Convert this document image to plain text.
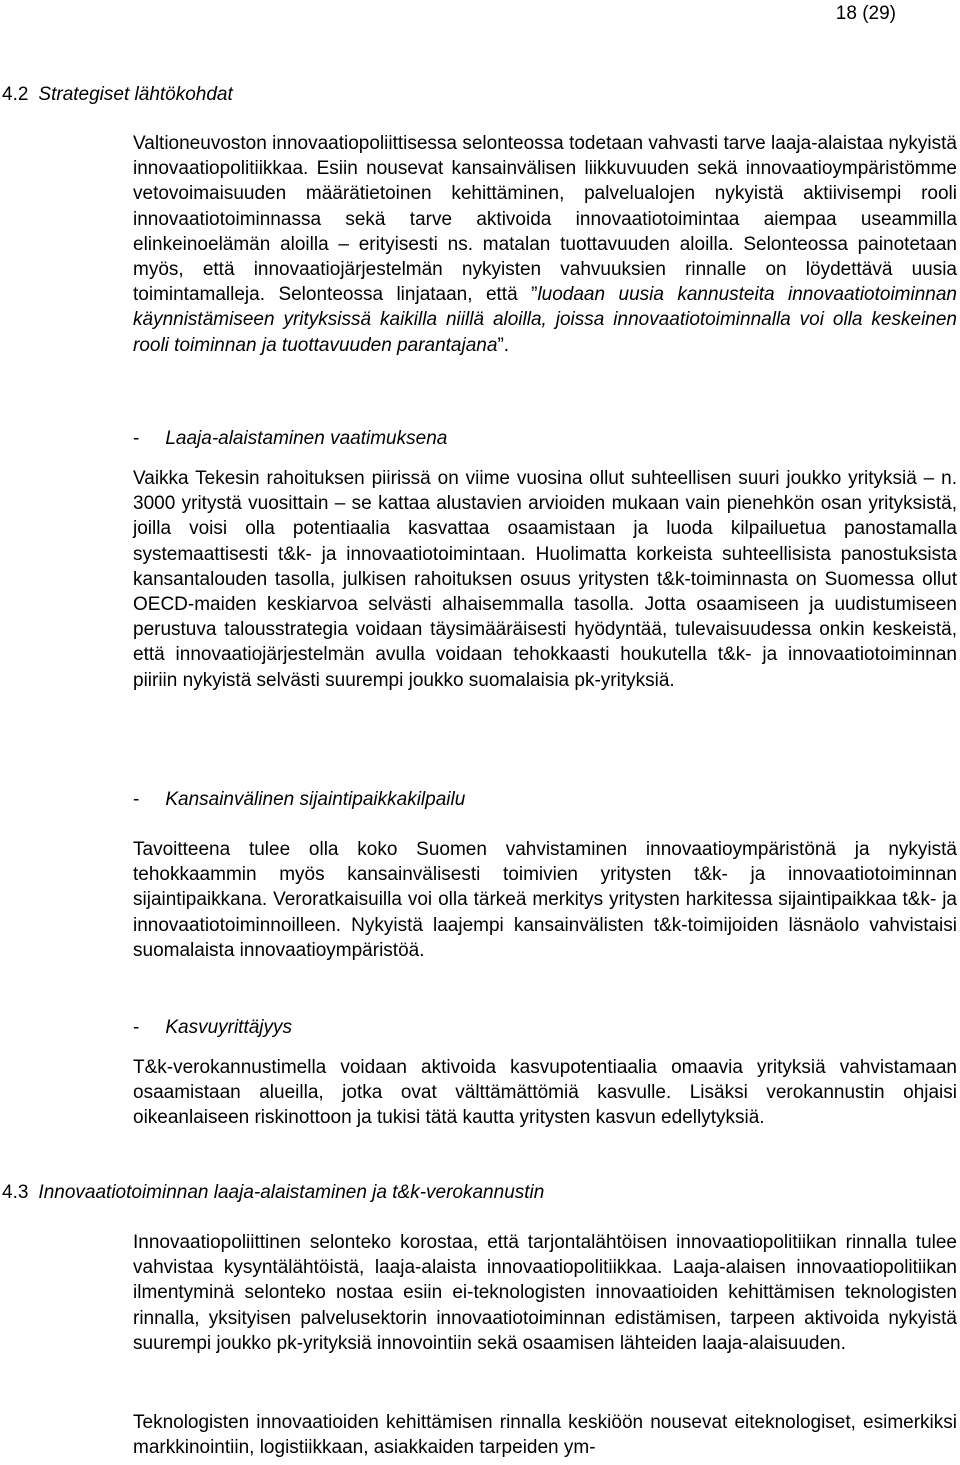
18 (29)
4.2 Strategiset lähtökohdat
Valtioneuvoston innovaatiopoliittisessa selonteossa todetaan vahvasti tarve laaja-alaistaa nykyistä innovaatiopolitiikkaa. Esiin nousevat kansainvälisen liikkuvuuden sekä innovaatioympäristömme vetovoimaisuuden määrätietoinen kehittäminen, palvelualojen nykyistä aktiivisempi rooli innovaatiotoiminnassa sekä tarve aktivoida innovaatiotoimintaa aiempaa useammilla elinkeinoelämän aloilla – erityisesti ns. matalan tuottavuuden aloilla. Selonteossa painotetaan myös, että innovaatiojärjestelmän nykyisten vahvuuksien rinnalle on löydettävä uusia toimintamalleja. Selonteossa linjataan, että ”luodaan uusia kannusteita innovaatiotoiminnan käynnistämiseen yrityksissä kaikilla niillä aloilla, joissa innovaatiotoiminnalla voi olla keskeinen rooli toiminnan ja tuottavuuden parantajana”.
- Laaja-alaistaminen vaatimuksena
Vaikka Tekesin rahoituksen piirissä on viime vuosina ollut suhteellisen suuri joukko yrityksiä – n. 3000 yritystä vuosittain – se kattaa alustavien arvioiden mukaan vain pienehkön osan yrityksistä, joilla voisi olla potentiaalia kasvattaa osaamistaan ja luoda kilpailuetua panostamalla systemaattisesti t&k- ja innovaatiotoimintaan. Huolimatta korkeista suhteellisista panostuksista kansantalouden tasolla, julkisen rahoituksen osuus yritysten t&k-toiminnasta on Suomessa ollut OECD-maiden keskiarvoa selvästi alhaisemmalla tasolla. Jotta osaamiseen ja uudistumiseen perustuva talousstrategia voidaan täysimääräisesti hyödyntää, tulevaisuudessa onkin keskeistä, että innovaatiojärjestelmän avulla voidaan tehokkaasti houkutella t&k- ja innovaatiotoiminnan piiriin nykyistä selvästi suurempi joukko suomalaisia pk-yrityksiä.
- Kansainvälinen sijaintipaikkakilpailu
Tavoitteena tulee olla koko Suomen vahvistaminen innovaatioympäristönä ja nykyistä tehokkaammin myös kansainvälisesti toimivien yritysten t&k- ja innovaatiotoiminnan sijaintipaikkana. Veroratkaisuilla voi olla tärkeä merkitys yritysten harkitessa sijaintipaikkaa t&k- ja innovaatiotoiminnoilleen. Nykyistä laajempi kansainvälisten t&k-toimijoiden läsnäolo vahvistaisi suomalaista innovaatioympäristöä.
- Kasvuyrittäjyys
T&k-verokannustimella voidaan aktivoida kasvupotentiaalia omaavia yrityksiä vahvistamaan osaamistaan alueilla, jotka ovat välttämättömiä kasvulle. Lisäksi verokannustin ohjaisi oikeanlaiseen riskinottoon ja tukisi tätä kautta yritysten kasvun edellytyksiä.
4.3 Innovaatiotoiminnan laaja-alaistaminen ja t&k-verokannustin
Innovaatiopoliittinen selonteko korostaa, että tarjontalähtöisen innovaatiopolitiikan rinnalla tulee vahvistaa kysyntälähtöistä, laaja-alaista innovaatiopolitiikkaa. Laaja-alaisen innovaatiopolitiikan ilmentyminä selonteko nostaa esiin ei-teknologisten innovaatioiden kehittämisen teknologisten rinnalla, yksityisen palvelusektorin innovaatiotoiminnan edistämisen, tarpeen aktivoida nykyistä suurempi joukko pk-yrityksiä innovointiin sekä osaamisen lähteiden laaja-alaisuuden.
Teknologisten innovaatioiden kehittämisen rinnalla keskiöön nousevat eiteknologiset, esimerkiksi markkinointiin, logistiikkaan, asiakkaiden tarpeiden ym-
